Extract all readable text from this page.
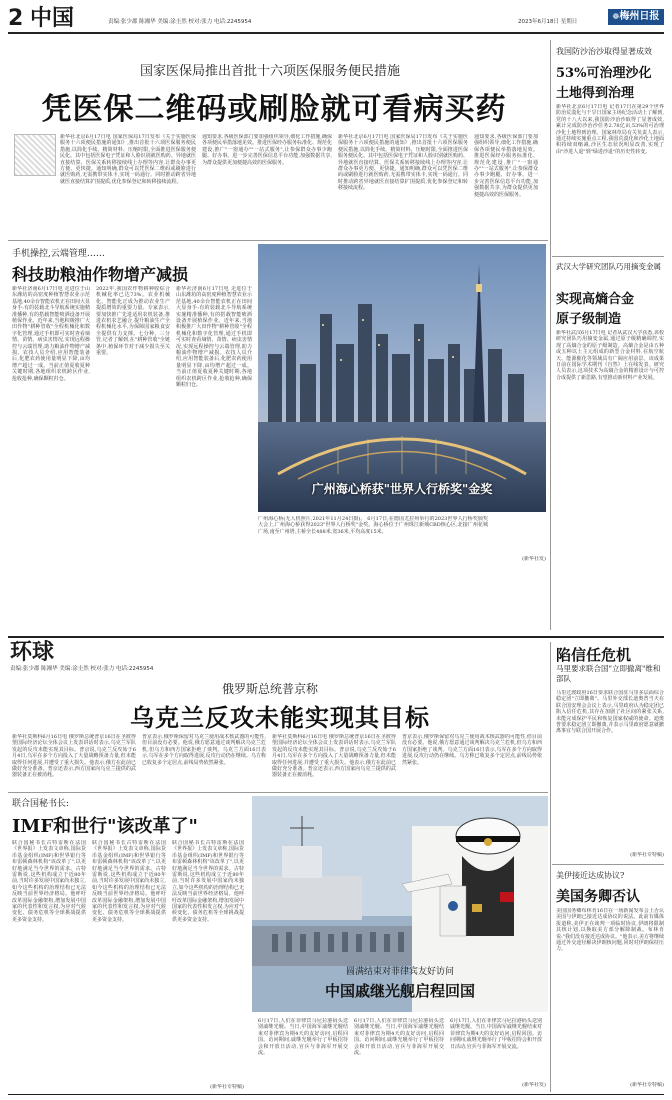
2 中国	责编:张少郡 陈湘华 美编:涂圭然 校对:张力 电话:2245954	2023年6月18日 星期日
❁梅州日报
国家医保局推出首批十六项医保服务便民措施
凭医保二维码或刷脸就可看病买药
新华社北京6月17日电 国家医保局17日发布《关于实施医保服务十六项便民措施的通知》,推出首批十六项医保服务便民措施,以简化手续、精简材料、压缩时限,全面推进医保服务便民化。其中包括医保电子凭证和人脸识别就医购药、异地就医直接结算、医保关系转移接续线上办理等内容,让群众办事更方便、更快捷。通知明确,群众可以凭医保二维码或刷脸进行就医购药,无需携带实体卡,实现一码通行。同时推动跨省异地就医直接结算扩围提质,优化参保登记和转移接续流程。
通知要求,各级医保部门要加强组织领导,细化工作措施,确保各项便民举措落地见效。推进医保经办服务标准化、规范化建设,推广"一窗通办""一站式服务",让参保群众办事少跑腿、好办事。进一步完善医保信息平台功能,加强数据共享,为群众提供更加便捷高效的医保服务。
新华社北京6月17日电 国家医保局17日发布《关于实施医保服务十六项便民措施的通知》,推出首批十六项医保服务便民措施,以简化手续、精简材料、压缩时限,全面推进医保服务便民化。其中包括医保电子凭证和人脸识别就医购药、异地就医直接结算、医保关系转移接续线上办理等内容,让群众办事更方便、更快捷。通知明确,群众可以凭医保二维码或刷脸进行就医购药,无需携带实体卡,实现一码通行。同时推动跨省异地就医直接结算扩围提质,优化参保登记和转移接续流程。
通知要求,各级医保部门要加强组织领导,细化工作措施,确保各项便民举措落地见效。推进医保经办服务标准化、规范化建设,推广"一窗通办""一站式服务",让参保群众办事少跑腿、好办事。进一步完善医保信息平台功能,加强数据共享,为群众提供更加便捷高效的医保服务。
我国防沙治沙取得显著成效
53%可治理沙化
土地得到治理
新华社北京6月17日电 记者17日在第29个世界防治荒漠化与干旱日国家主场纪念活动上了解到,党的十八大以来,我国防沙治沙取得了显著成效,累计完成防沙治沙任务2.78亿亩,53%的可治理沙化土地得到治理。国家林草局有关负责人表示,通过持续实施重点工程,我国荒漠化和沙化土地面积持续双缩减,沙区生态状况明显改善,实现了由"沙进人退"到"绿进沙退"的历史性转变。
武汉大学研究团队巧用摘变金属
实现高熵合金
原子级制造
新华社武汉6月17日电 记者从武汉大学获悉,该校研究团队巧用摘变金属,通过原子级精确调控,实现了高熵合金的原子级制造。高熵合金是由五种或五种以上主元组成的新型合金材料,在航空航天、能源催化等领域具有广阔应用前景。该成果日前在国际学术期刊《自然》上在线发表。研究人员表示,这项技术为高熵合金的精准设计与可控合成提供了新思路,有望推动新材料产业发展。
手机操控,云端管理……
科技助粮油作物增产减损
新华社济南6月17日电 走进位于山东潍坊的高密度种植智慧农业示范基地,40余台智能农机正在田间大显身手:有的装载北斗导航系统实施精准播种,有的搭载智能喷洒设备开展植保作业。近年来,当地积极推广大田作物"耕种管收"全程机械化和数字化管理,通过手机即可实时查看墒情、苗情、病虫害情况,实现远程操控与云端管理,助力粮油作物增产减损。农技人员介绍,应用智能装备后,化肥农药使用量明显下降,亩均增产超过一成。当前正值夏收夏种关键时期,各地组织农机跨区作业,抢收抢种,确保颗粒归仓。
2022年,我国农作物耕种收综合机械化率已达73%。农业机械化、智能化正成为推动农业生产提质增效的重要力量。专家表示,要加快推广先进适用农机装备,推进农机农艺融合,提升粮油生产全程机械化水平,为保障国家粮食安全提供有力支撑。七分种、三分管,记者了解到,在"耕种管收"全链条中,植保环节对于减少损失至关重要。
新华社济南6月17日电 走进位于山东潍坊的高密度种植智慧农业示范基地,40余台智能农机正在田间大显身手:有的装载北斗导航系统实施精准播种,有的搭载智能喷洒设备开展植保作业。近年来,当地积极推广大田作物"耕种管收"全程机械化和数字化管理,通过手机即可实时查看墒情、苗情、病虫害情况,实现远程操控与云端管理,助力粮油作物增产减损。农技人员介绍,应用智能装备后,化肥农药使用量明显下降,亩均增产超过一成。当前正值夏收夏种关键时期,各地组织农机跨区作业,抢收抢种,确保颗粒归仓。
广州海心桥获"世界人行桥奖"金奖
广州海心桥(无人机照片,2021年11月24日摄)。 6月17日,在德国尤拉州举行的2023世界人行桥奖颁奖大会上,广州海心桥获得2023"世界人行桥奖"金奖。海心桥位于广州珠江新城CBD核心区,北接广州花城广场,南至广州塔,主桥全长488米,宽36米,平均高度15米。
(新华社发)
环球
责编:张少郡 陈湘华 美编:涂圭然 校对:张力 电话:2245954
俄罗斯总统普京称
乌克兰反攻未能实现其目标
新华社莫斯科6月16日电 俄罗斯总统普京16日在圣彼得堡国际经济论坛全体会议上发表讲话时表示,乌克兰军队发起的反攻未能实现其目标。普京说,乌克兰反攻始于6月4日,乌军在多个方向投入了大量战略预备力量,但未能取得任何进展,并遭受了重大损失。他表示,俄方在此前已做好充分准备。普京还表示,西方国家向乌克兰提供的武器装备正在被消耗。
普京表示,俄罗斯保留对乌克兰使用战术核武器的可能性,但目前没有必要。他说,俄方愿意通过谈判解决乌克兰危机,但乌方和西方国家拒绝了谈判。乌克兰方面16日表示,乌军在多个方向取得进展,反攻行动仍在继续。乌方称已收复多个定居点,前线局势依然紧张。
新华社莫斯科6月16日电 俄罗斯总统普京16日在圣彼得堡国际经济论坛全体会议上发表讲话时表示,乌克兰军队发起的反攻未能实现其目标。普京说,乌克兰反攻始于6月4日,乌军在多个方向投入了大量战略预备力量,但未能取得任何进展,并遭受了重大损失。他表示,俄方在此前已做好充分准备。普京还表示,西方国家向乌克兰提供的武器装备正在被消耗。
普京表示,俄罗斯保留对乌克兰使用战术核武器的可能性,但目前没有必要。他说,俄方愿意通过谈判解决乌克兰危机,但乌方和西方国家拒绝了谈判。乌克兰方面16日表示,乌军在多个方向取得进展,反攻行动仍在继续。乌方称已收复多个定居点,前线局势依然紧张。
联合国秘书长:
IMF和世行"该改革了"
联合国秘书长古特雷斯在法国《世界报》上发表文章称,国际货币基金组织(IMF)和世界银行等布雷顿森林机构"该改革了",以更好地满足当今世界的需求。古特雷斯说,这些机构成立于近80年前,当时许多发展中国家尚未独立,如今这些机构的治理结构已无法反映当前世界经济格局。他呼吁改革国际金融架构,增加发展中国家的代表性和发言权,为应对气候变化、债务危机等全球挑战提供更多资金支持。
联合国秘书长古特雷斯在法国《世界报》上发表文章称,国际货币基金组织(IMF)和世界银行等布雷顿森林机构"该改革了",以更好地满足当今世界的需求。古特雷斯说,这些机构成立于近80年前,当时许多发展中国家尚未独立,如今这些机构的治理结构已无法反映当前世界经济格局。他呼吁改革国际金融架构,增加发展中国家的代表性和发言权,为应对气候变化、债务危机等全球挑战提供更多资金支持。
联合国秘书长古特雷斯在法国《世界报》上发表文章称,国际货币基金组织(IMF)和世界银行等布雷顿森林机构"该改革了",以更好地满足当今世界的需求。古特雷斯说,这些机构成立于近80年前,当时许多发展中国家尚未独立,如今这些机构的治理结构已无法反映当前世界经济格局。他呼吁改革国际金融架构,增加发展中国家的代表性和发言权,为应对气候变化、债务危机等全球挑战提供更多资金支持。
(新华社专特稿)
圆满结束对菲律宾友好访问
中国戚继光舰启程回国
6月17日,人们在菲律宾马尼拉港码头送别戚继光舰。当日,中国海军戚继光舰结束对菲律宾为期4天的友好访问,启程回国。访问期间,戚继光舰举行了甲板招待会和开放日活动,官兵与菲海军开展交流。
6月17日,人们在菲律宾马尼拉港码头送别戚继光舰。当日,中国海军戚继光舰结束对菲律宾为期4天的友好访问,启程回国。访问期间,戚继光舰举行了甲板招待会和开放日活动,官兵与菲海军开展交流。
6月17日,人们在菲律宾马尼拉港码头送别戚继光舰。当日,中国海军戚继光舰结束对菲律宾为期4天的友好访问,启程回国。访问期间,戚继光舰举行了甲板招待会和开放日活动,官兵与菲海军开展交流。
(新华社发)
陷信任危机
马里要求联合国"立即撤离"维和部队
马里过渡政府16日要求联合国驻马里多层面综合稳定团"立即撤离"。马里外交部长迪奥普当天在联合国安理会会议上表示,马里政府认为稳定团已陷入信任危机,其存在加剧了社区间的紧张关系,未能完成保护平民和恢复国家权威的使命。迪奥普要求稳定团立即撤离,并表示马里政府愿意就撤离事宜与联合国开展合作。
(新华社专特稿)
美伊接近达成协议?
美国务卿否认
美国国务卿布林肯16日在一场新闻发布会上否认美国与伊朗已接近达成协议的说法。此前有媒体报道称,美伊正在谈判一项临时协议,伊朗将限制其核计划,以换取美方部分解除制裁。布林肯说:"我们没有接近达成协议。"他表示,美方将继续通过外交途径解决伊朗核问题,同时对伊朗保持压力。
(新华社专特稿)
